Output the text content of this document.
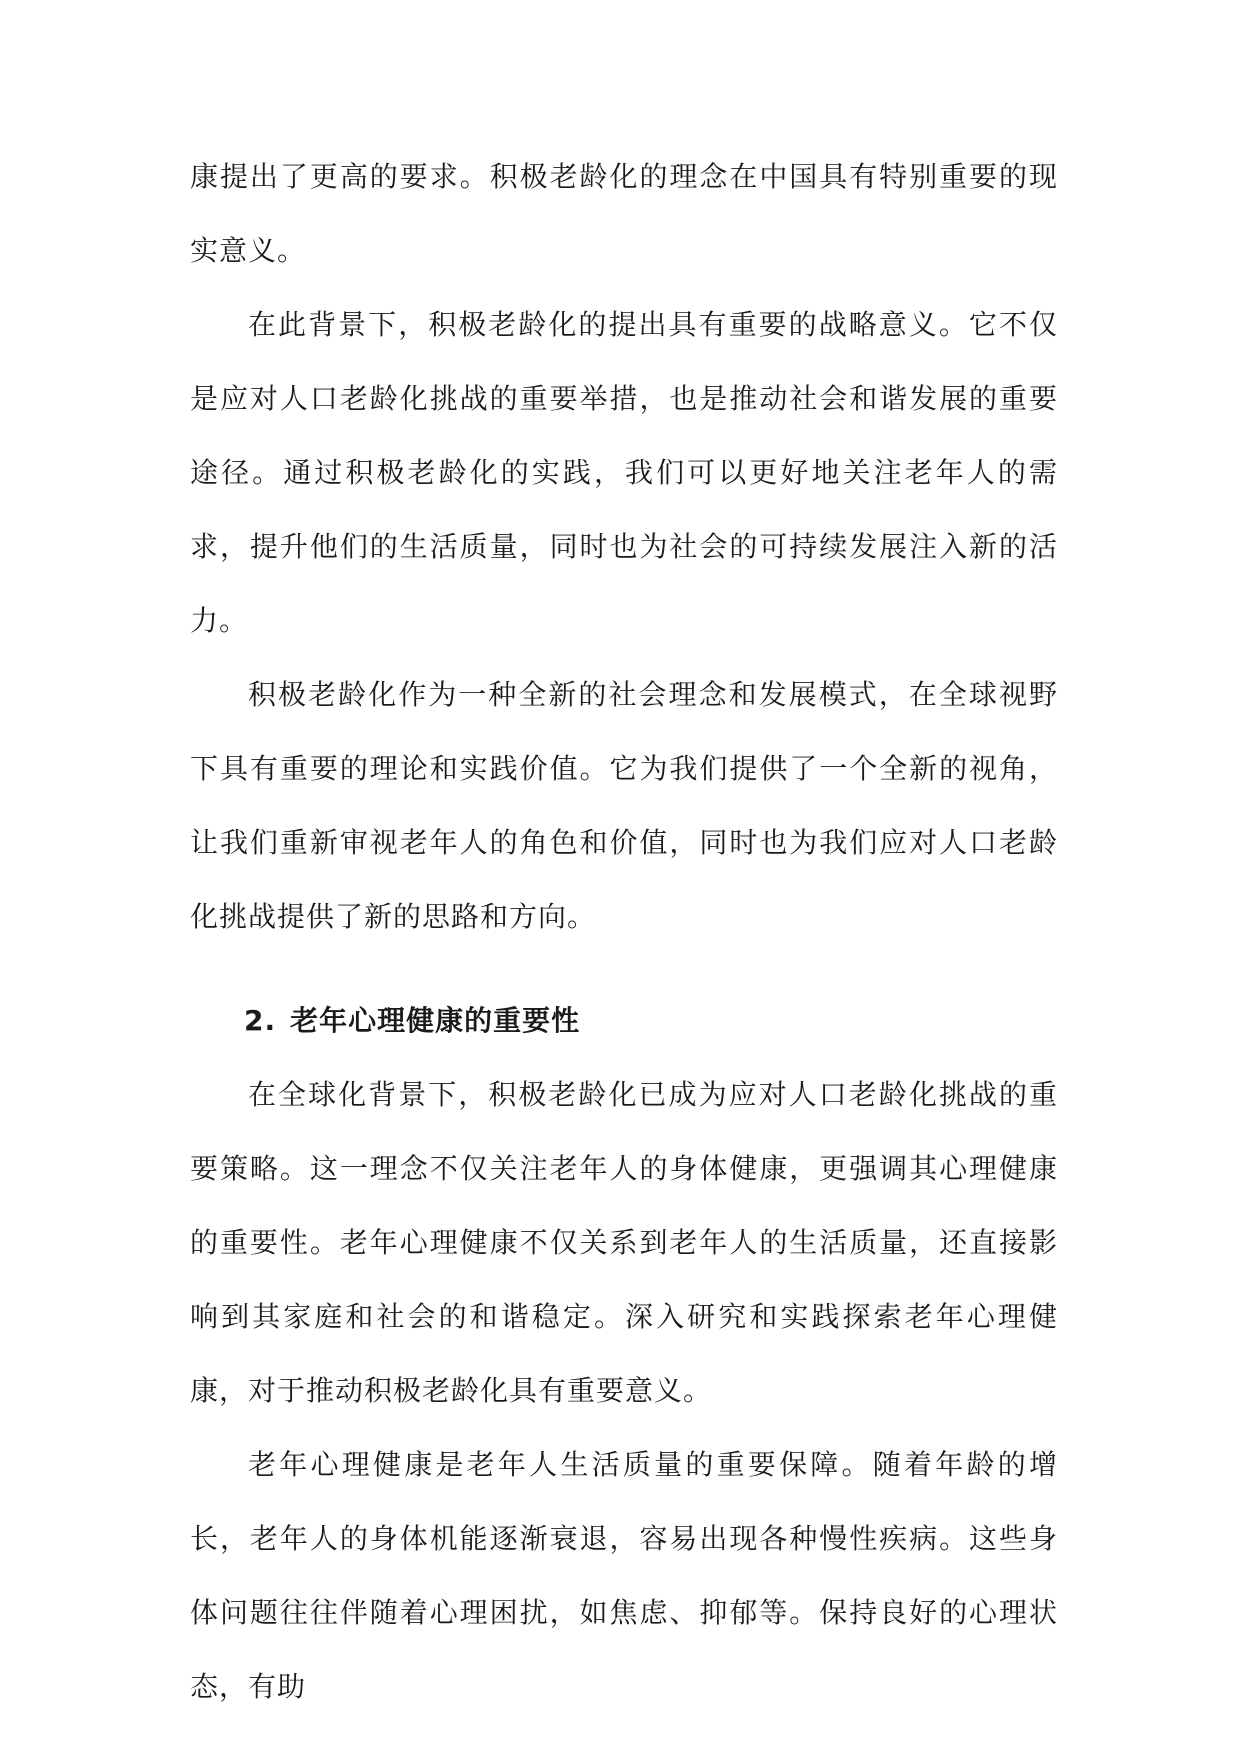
康提出了更高的要求。积极老龄化的理念在中国具有特别重要的现实意义。

在此背景下，积极老龄化的提出具有重要的战略意义。它不仅是应对人口老龄化挑战的重要举措，也是推动社会和谐发展的重要途径。通过积极老龄化的实践，我们可以更好地关注老年人的需求，提升他们的生活质量，同时也为社会的可持续发展注入新的活力。

积极老龄化作为一种全新的社会理念和发展模式，在全球视野下具有重要的理论和实践价值。它为我们提供了一个全新的视角，让我们重新审视老年人的角色和价值，同时也为我们应对人口老龄化挑战提供了新的思路和方向。

2. 老年心理健康的重要性

在全球化背景下，积极老龄化已成为应对人口老龄化挑战的重要策略。这一理念不仅关注老年人的身体健康，更强调其心理健康的重要性。老年心理健康不仅关系到老年人的生活质量，还直接影响到其家庭和社会的和谐稳定。深入研究和实践探索老年心理健康，对于推动积极老龄化具有重要意义。

老年心理健康是老年人生活质量的重要保障。随着年龄的增长，老年人的身体机能逐渐衰退，容易出现各种慢性疾病。这些身体问题往往伴随着心理困扰，如焦虑、抑郁等。保持良好的心理状态，有助
